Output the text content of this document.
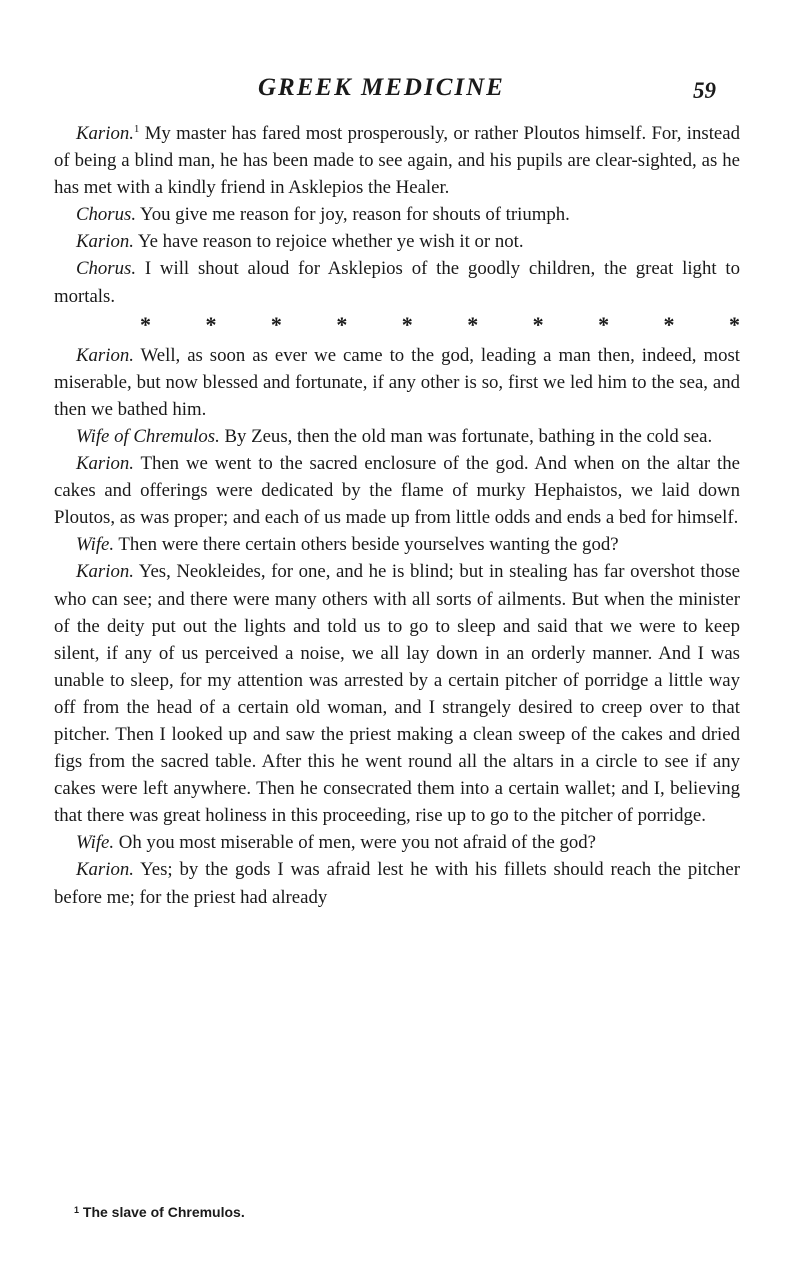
GREEK MEDICINE	59

Karion.$^1$ My master has fared most prosperously, or rather Ploutos himself. For, instead of being a blind man, he has been made to see again, and his pupils are clear-sighted, as he has met with a kindly friend in Asklepios the Healer.

Chorus. You give me reason for joy, reason for shouts of triumph.

Karion. Ye have reason to rejoice whether ye wish it or not.

Chorus. I will shout aloud for Asklepios of the goodly children, the great light to mortals.

* * * * * * * * * *

Karion. Well, as soon as ever we came to the god, leading a man then, indeed, most miserable, but now blessed and fortunate, if any other is so, first we led him to the sea, and then we bathed him.

Wife of Chremulos. By Zeus, then the old man was fortunate, bathing in the cold sea.

Karion. Then we went to the sacred enclosure of the god. And when on the altar the cakes and offerings were dedicated by the flame of murky Hephaistos, we laid down Ploutos, as was proper; and each of us made up from little odds and ends a bed for himself.

Wife. Then were there certain others beside yourselves wanting the god?

Karion. Yes, Neokleides, for one, and he is blind; but in stealing has far overshot those who can see; and there were many others with all sorts of ailments. But when the minister of the deity put out the lights and told us to go to sleep and said that we were to keep silent, if any of us perceived a noise, we all lay down in an orderly manner. And I was unable to sleep, for my attention was arrested by a certain pitcher of porridge a little way off from the head of a certain old woman, and I strangely desired to creep over to that pitcher. Then I looked up and saw the priest making a clean sweep of the cakes and dried figs from the sacred table. After this he went round all the altars in a circle to see if any cakes were left anywhere. Then he consecrated them into a certain wallet; and I, believing that there was great holiness in this proceeding, rise up to go to the pitcher of porridge.

Wife. Oh you most miserable of men, were you not afraid of the god?

Karion. Yes; by the gods I was afraid lest he with his fillets should reach the pitcher before me; for the priest had already

$^1$ The slave of Chremulos.
